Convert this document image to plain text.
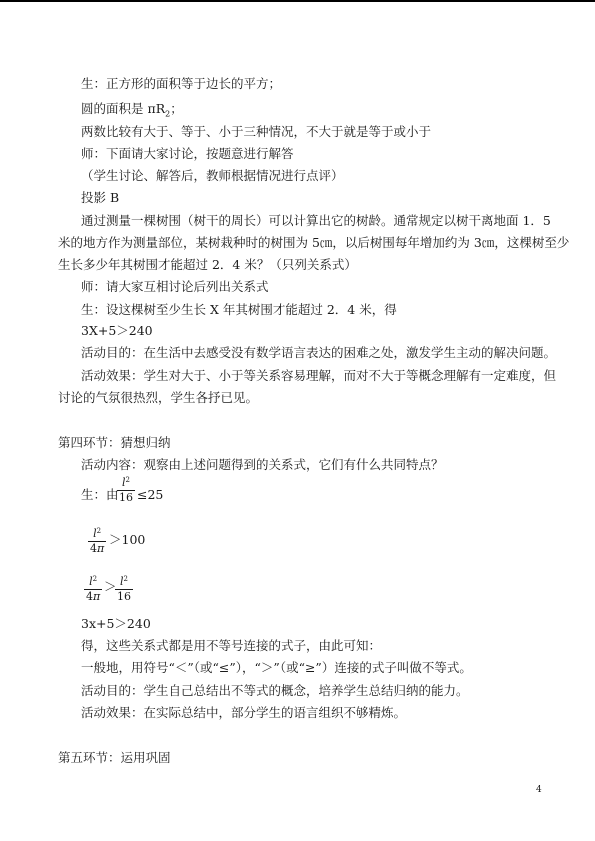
生：正方形的面积等于边长的平方；
圆的面积是 $\pi R_2$；
两数比较有大于、等于、小于三种情况，不大于就是等于或小于
师：下面请大家讨论，按题意进行解答
（学生讨论、解答后，教师根据情况进行点评）
投影 B
通过测量一棵树围（树干的周长）可以计算出它的树龄。通常规定以树干离地面 1．5
米的地方作为测量部位，某树栽种时的树围为 5㎝，以后树围每年增加约为 3㎝，这棵树至少
生长多少年其树围才能超过 2．4 米？（只列关系式）
师：请大家互相讨论后列出关系式
生：设这棵树至少生长 X 年其树围才能超过 2．4 米，得
3X+5＞240
活动目的：在生活中去感受没有数学语言表达的困难之处，激发学生主动的解决问题。
活动效果：学生对大于、小于等关系容易理解，而对不大于等概念理解有一定难度，但
讨论的气氛很热烈，学生各抒已见。
第四环节：猜想归纳
活动内容：观察由上述问题得到的关系式，它们有什么共同特点？
生：由
$l^2$
16 ≤25
$l^2$
4π
＞100
$l^2$
4π
＞ $l^2$
16
3x+5＞240
得，这些关系式都是用不等号连接的式子，由此可知：
一般地，用符号“＜”（或“≤”），“＞”（或“≥”）连接的式子叫做不等式。
活动目的：学生自己总结出不等式的概念，培养学生总结归纳的能力。
活动效果：在实际总结中，部分学生的语言组织不够精炼。
第五环节：运用巩固
4
